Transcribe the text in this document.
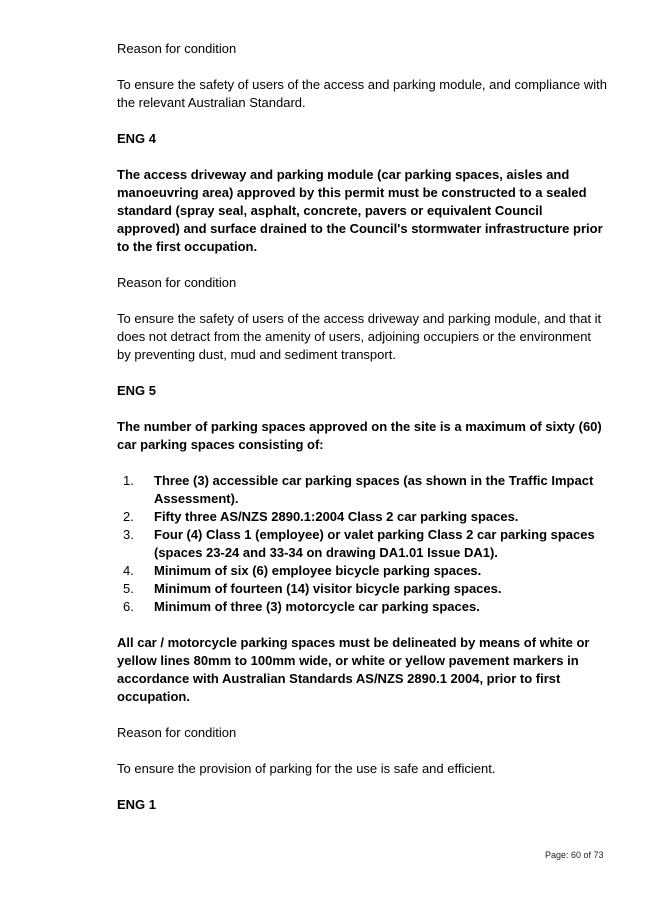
Reason for condition

To ensure the safety of users of the access and parking module, and compliance with the relevant Australian Standard.

ENG 4

The access driveway and parking module (car parking spaces, aisles and manoeuvring area) approved by this permit must be constructed to a sealed standard (spray seal, asphalt, concrete, pavers or equivalent Council approved) and surface drained to the Council's stormwater infrastructure prior to the first occupation.

Reason for condition

To ensure the safety of users of the access driveway and parking module, and that it does not detract from the amenity of users, adjoining occupiers or the environment by preventing dust, mud and sediment transport.

ENG 5

The number of parking spaces approved on the site is a maximum of sixty (60) car parking spaces consisting of:

1.	Three (3) accessible car parking spaces (as shown in the Traffic Impact Assessment).
2.	Fifty three AS/NZS 2890.1:2004 Class 2 car parking spaces.
3.	Four (4) Class 1 (employee) or valet parking Class 2 car parking spaces (spaces 23-24 and 33-34 on drawing DA1.01 Issue DA1).
4.	Minimum of six (6) employee bicycle parking spaces.
5.	Minimum of fourteen (14) visitor bicycle parking spaces.
6.	Minimum of three (3) motorcycle car parking spaces.

All car / motorcycle parking spaces must be delineated by means of white or yellow lines 80mm to 100mm wide, or white or yellow pavement markers in accordance with Australian Standards AS/NZS 2890.1 2004, prior to first occupation.

Reason for condition

To ensure the provision of parking for the use is safe and efficient.

ENG 1

Page: 60 of 73
